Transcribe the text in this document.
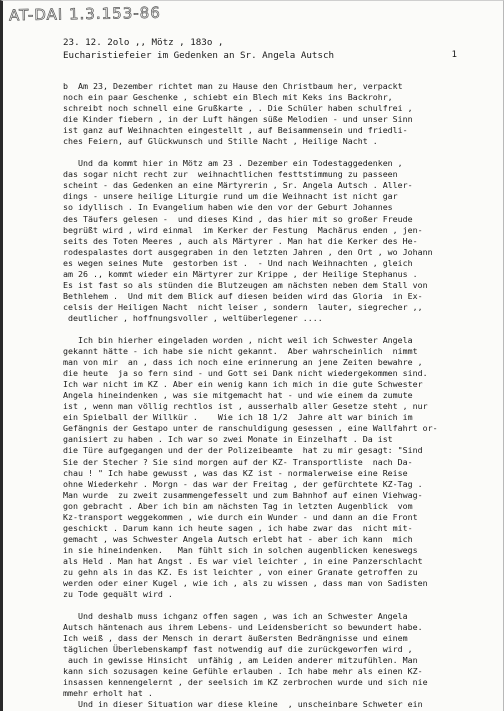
AT-DAI 1.3.153-86
23. 12. 2olo ,, Mötz , 183o ,
Eucharistiefeier im Gedenken an Sr. Angela Autsch	1
b  Am 23, Dezember richtet man zu Hause den Christbaum her, verpackt
noch ein paar Geschenke , schiebt ein Blech mit Keks ins Backrohr,
schreibt noch schnell eine Grußkarte , . Die Schüler haben schulfrei ,
die Kinder fiebern , in der Luft hängen süße Melodien - und unser Sinn
ist ganz auf Weihnachten eingestellt , auf Beisammensein und friedli-
ches Feiern, auf Glückwunsch und Stille Nacht , Heilige Nacht .
Und da kommt hier in Mötz am 23 . Dezember ein Todestaggedenken ,
das sogar nicht recht zur  weihnachtlichen festtstimmung zu passeen
scheint - das Gedenken an eine Märtyrerin , Sr. Angela Autsch . Aller-
dings - unsere heilige Liturgie rund um die Weihnacht ist nicht gar
so idyllisch . In Evangelium haben wie den vor der Geburt Johannes
des Täufers gelesen -  und dieses Kind , das hier mit so großer Freude
begrüßt wird , wird einmal  im Kerker der Festung  Machärus enden , jen-
seits des Toten Meeres , auch als Märtyrer . Man hat die Kerker des He-
rodespalastes dort ausgegraben in den letzten Jahren , den Ort , wo Johann
es wegen seines Mute  gestorben ist .  - Und nach Weihnachten , gleich
am 26 ., kommt wieder ein Märtyrer zur Krippe , der Heilige Stephanus .
Es ist fast so als stünden die Blutzeugen am nächsten neben dem Stall von
Bethlehem .  Und mit dem Blick auf diesen beiden wird das Gloria  in Ex-
celsis der Heiligen Nacht  nicht leiser , sondern  lauter, siegrecher ,,
deutlicher , hoffnungsvoller , weltüberlegener ....
Ich bin hierher eingeladen worden , nicht weil ich Schwester Angela
gekannt hätte - ich habe sie nicht gekannt.  Aber wahrscheinlich  nimmt
man von mir  an , dass ich noch eine erinnerung an jene Zeiten bewahre ,
die heute  ja so fern sind - und Gott sei Dank nicht wiedergekommen sind.
Ich war nicht im KZ . Aber ein wenig kann ich mich in die gute Schwester
Angela hineindenken , was sie mitgemacht hat - und wie einem da zumute
ist , wenn man völlig rechtlos ist , ausserhalb aller Gesetze steht , nur
ein Spielball der Willkür .    Wie ich 18 1/2  Jahre alt war binich im
Gefängnis der Gestapo unter de ranschuldigung gesessen , eine Wallfahrt or-
ganisiert zu haben . Ich war so zwei Monate in Einzelhaft . Da ist
die Türe aufgegangen und der der Polizeibeamte  hat zu mir gesagt: "Sind
Sie der Stecher ? Sie sind morgen auf der KZ- Transportliste  nach Da-
chau ! " Ich habe gewusst , was das KZ ist - normalerweise eine Reise
ohne Wiederkehr . Morgn - das war der Freitag , der gefürchtete KZ-Tag .
Man wurde  zu zweit zusammengefesselt und zum Bahnhof auf einen Viehwag-
gon gebracht . Aber ich bin am nächsten Tag in letzten Augenblick  vom
Kz-transport weggekommen , wie durch ein Wunder - und dann an die Front
geschickt . Darum kann ich heute sagen , ich habe zwar das  nicht mit-
gemacht , was Schwester Angela Autsch erlebt hat - aber ich kann  mich
in sie hineindenken.   Man fühlt sich in solchen augenblicken keneswegs
als Held . Man hat Angst . Es war viel leichter , in eine Panzerschlacht
zu gehn als in das KZ. Es ist leichter , von einer Granate getroffen zu
werden oder einer Kugel , wie ich , als zu wissen , dass man von Sadisten
zu Tode gequält wird .
Und deshalb muss ichganz offen sagen , was ich an Schwester Angela
Autsch häntenach aus ihrem Lebens- und Leidensbericht so bewundert habe.
Ich weiß , dass der Mensch in derart äußersten Bedrängnisse und einem
täglichen Überlebenskampf fast notwendig auf die zurückgeworfen wird ,
auch in gewisse Hinsicht  unfähig , am Leiden anderer mitzufühlen. Man
kann sich sozusagen keine Gefühle erlauben . Ich habe mehr als einen KZ-
insassen kennengelernt , der seelsich im KZ zerbrochen wurde und sich nie
mmehr erholt hat .
Und in dieser Situation war diese kleine  , unscheinbare Schweter ein
